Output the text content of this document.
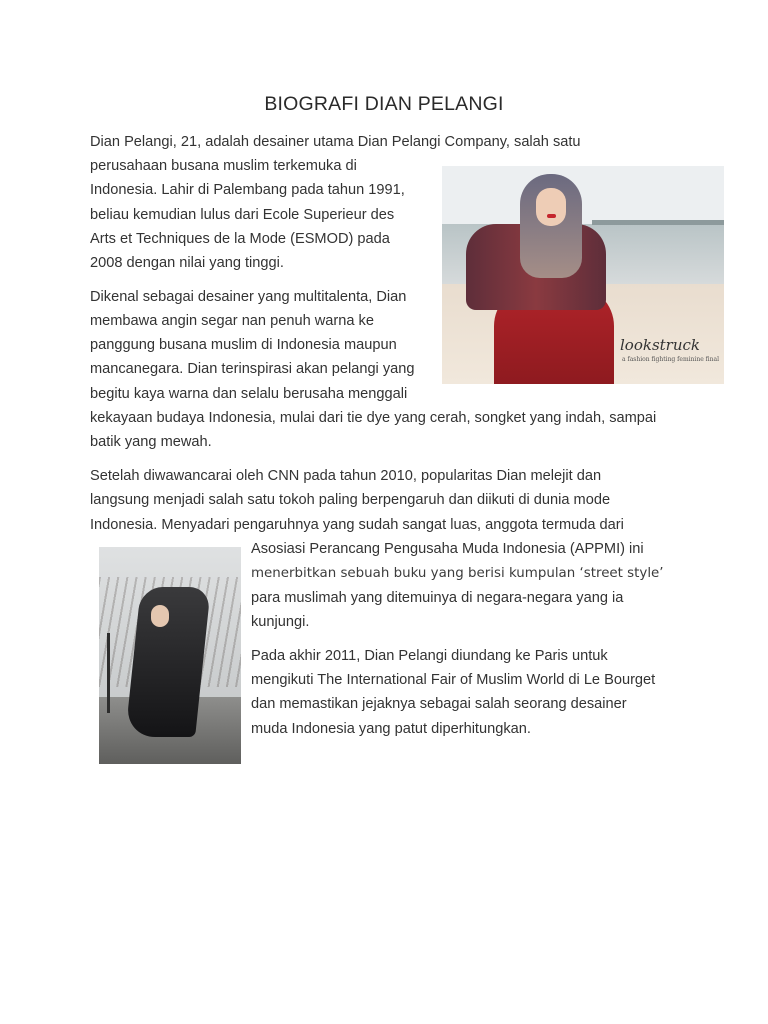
BIOGRAFI DIAN PELANGI
Dian Pelangi, 21, adalah desainer utama Dian Pelangi Company, salah satu
perusahaan busana muslim terkemuka di
Indonesia. Lahir di Palembang pada tahun 1991,
beliau kemudian lulus dari Ecole Superieur des
Arts et Techniques de la Mode (ESMOD) pada
2008 dengan nilai yang tinggi.
Dikenal sebagai desainer yang multitalenta, Dian
membawa angin segar nan penuh warna ke
panggung busana muslim di Indonesia maupun
mancanegara. Dian terinspirasi akan pelangi yang
begitu kaya warna dan selalu berusaha menggali
kekayaan budaya Indonesia, mulai dari tie dye yang cerah, songket yang indah, sampai
batik yang mewah.
Setelah diwawancarai oleh CNN pada tahun 2010, popularitas Dian melejit dan
langsung menjadi salah satu tokoh paling berpengaruh dan diikuti di dunia mode
Indonesia. Menyadari pengaruhnya yang sudah sangat luas, anggota termuda dari
Asosiasi Perancang Pengusaha Muda Indonesia (APPMI) ini
menerbitkan sebuah buku yang berisi kumpulan ‘street style’
para muslimah yang ditemuinya di negara-negara yang ia
kunjungi.
Pada akhir 2011, Dian Pelangi diundang ke Paris untuk
mengikuti The International Fair of Muslim World di Le Bourget
dan memastikan jejaknya sebagai salah seorang desainer
muda Indonesia yang patut diperhitungkan.
lookstruck
a fashion fighting feminine final
